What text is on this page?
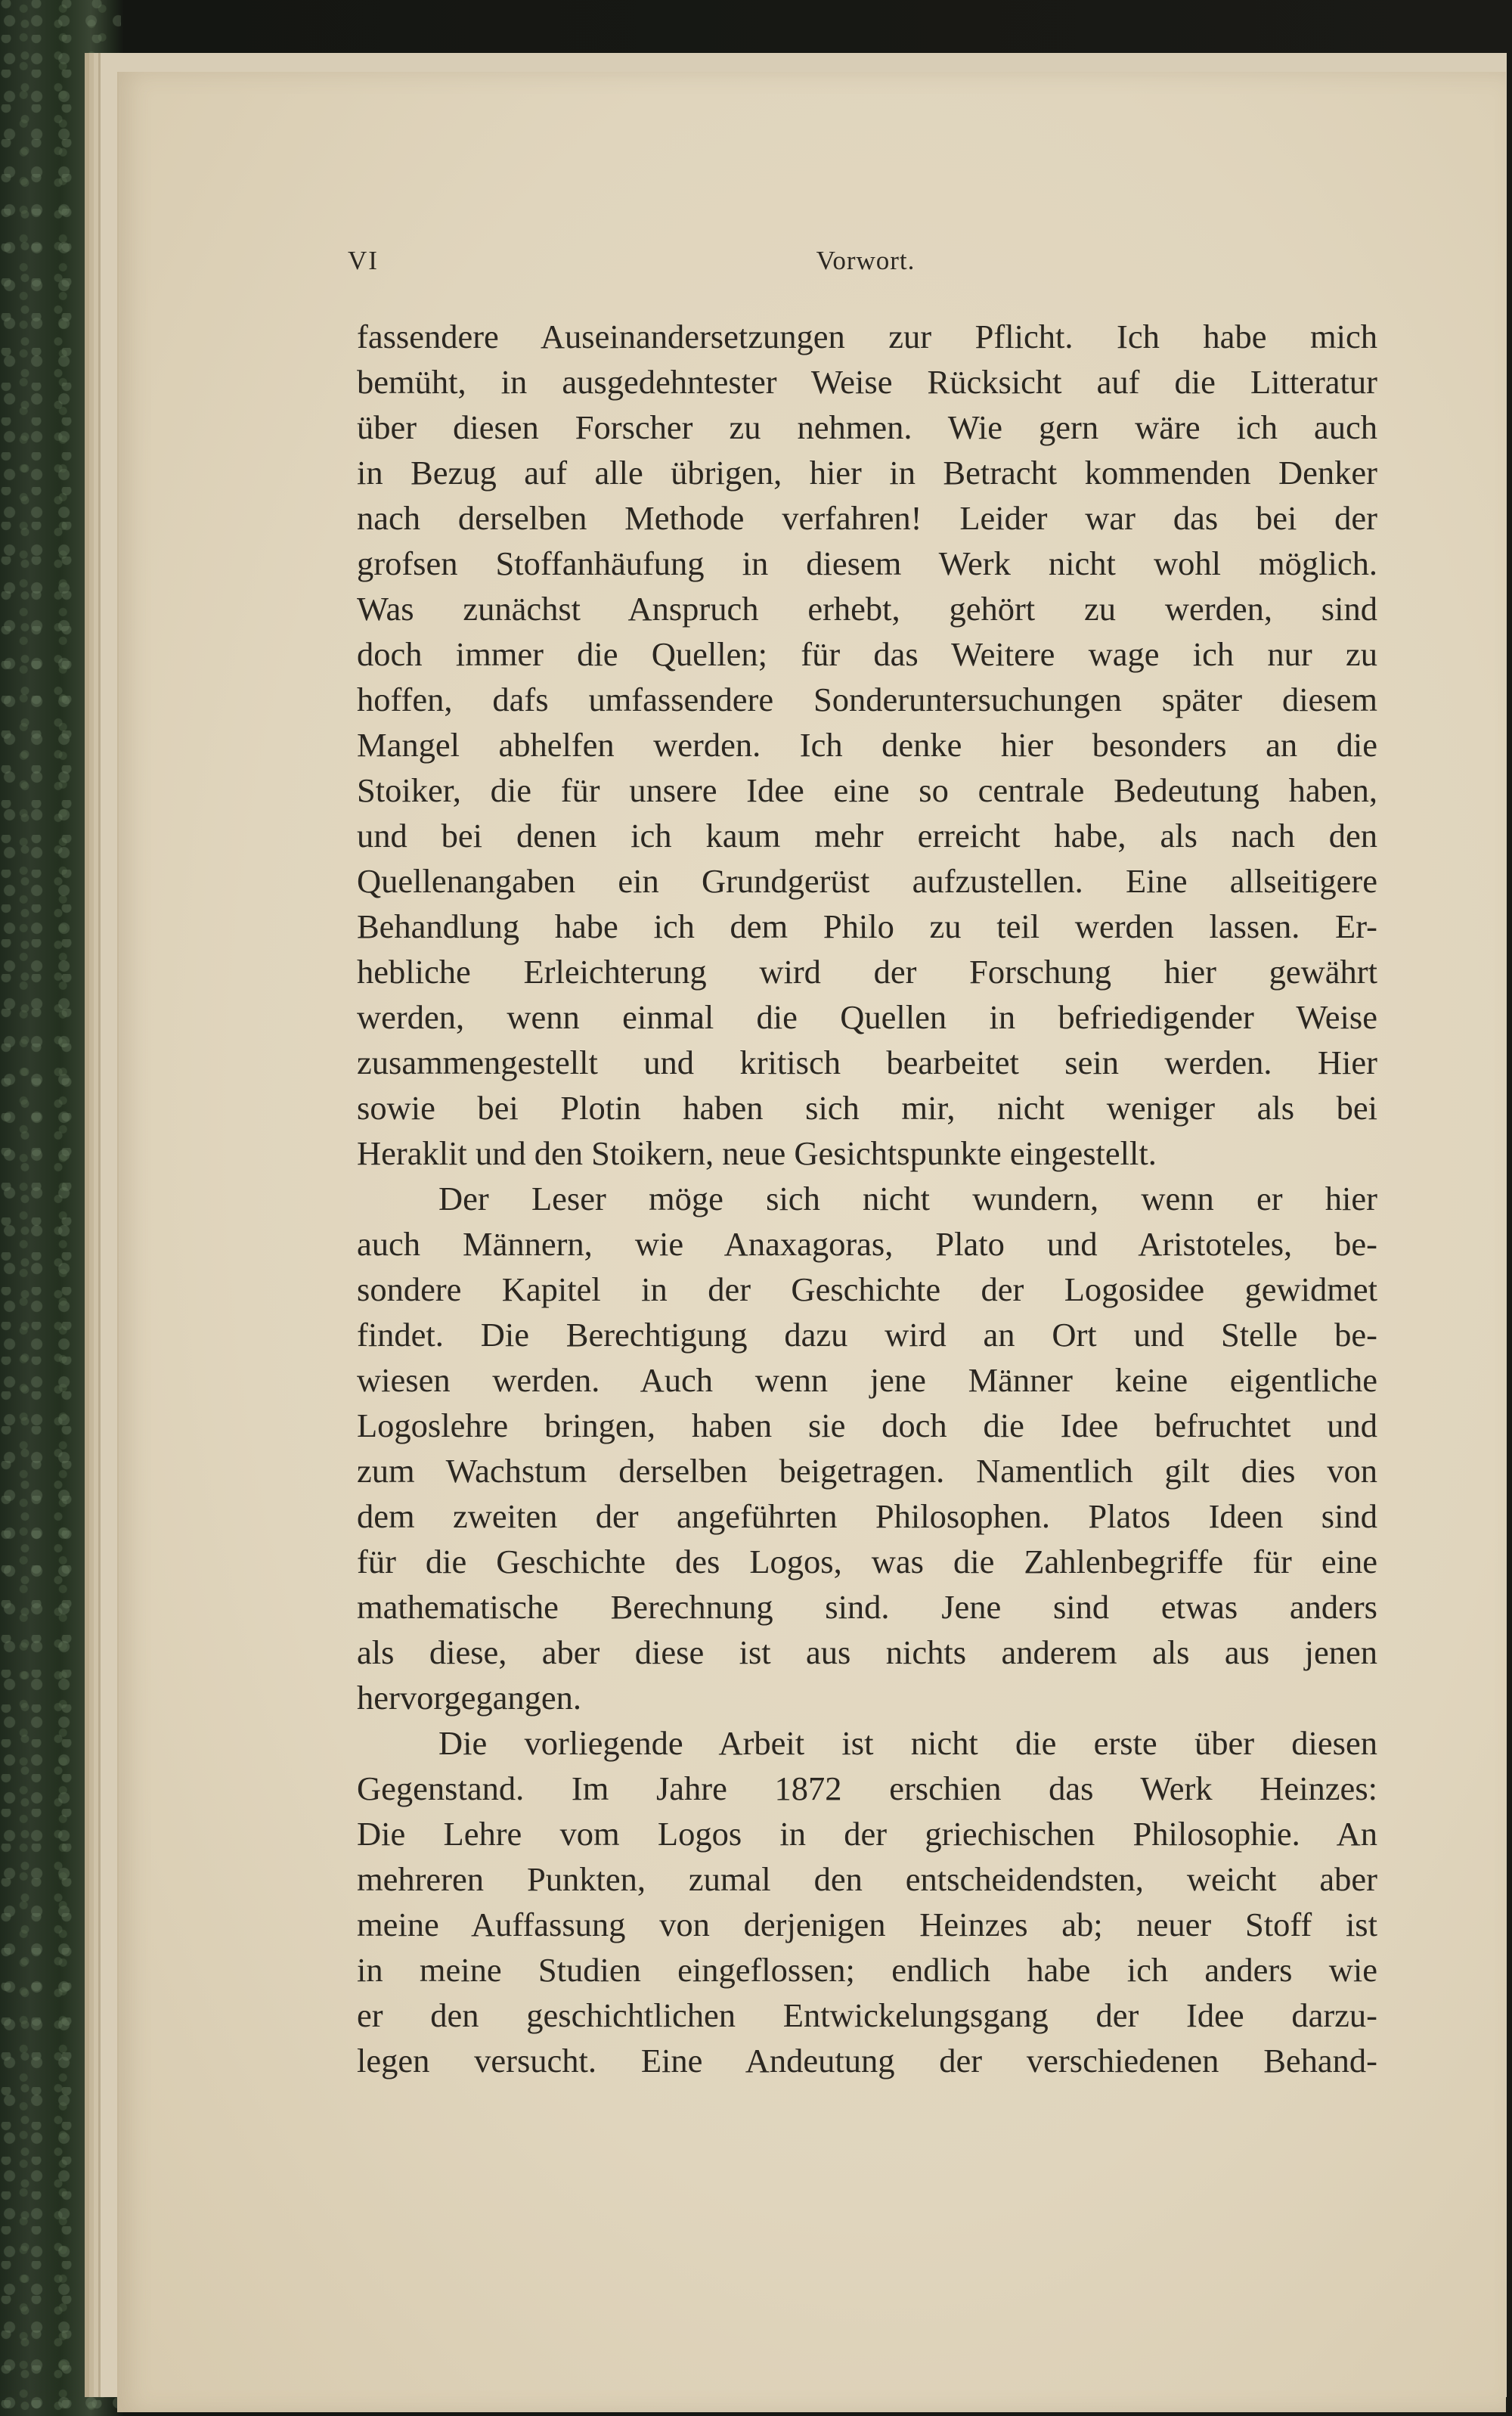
VI	Vorwort.
fassendere Auseinandersetzungen zur Pflicht. Ich habe mich
bemüht, in ausgedehntester Weise Rücksicht auf die Litteratur
über diesen Forscher zu nehmen. Wie gern wäre ich auch
in Bezug auf alle übrigen, hier in Betracht kommenden Denker
nach derselben Methode verfahren! Leider war das bei der
grofsen Stoffanhäufung in diesem Werk nicht wohl möglich.
Was zunächst Anspruch erhebt, gehört zu werden, sind
doch immer die Quellen; für das Weitere wage ich nur zu
hoffen, dafs umfassendere Sonderuntersuchungen später diesem
Mangel abhelfen werden. Ich denke hier besonders an die
Stoiker, die für unsere Idee eine so centrale Bedeutung haben,
und bei denen ich kaum mehr erreicht habe, als nach den
Quellenangaben ein Grundgerüst aufzustellen. Eine allseitigere
Behandlung habe ich dem Philo zu teil werden lassen. Er-
hebliche Erleichterung wird der Forschung hier gewährt
werden, wenn einmal die Quellen in befriedigender Weise
zusammengestellt und kritisch bearbeitet sein werden. Hier
sowie bei Plotin haben sich mir, nicht weniger als bei
Heraklit und den Stoikern, neue Gesichtspunkte eingestellt.
Der Leser möge sich nicht wundern, wenn er hier
auch Männern, wie Anaxagoras, Plato und Aristoteles, be-
sondere Kapitel in der Geschichte der Logosidee gewidmet
findet. Die Berechtigung dazu wird an Ort und Stelle be-
wiesen werden. Auch wenn jene Männer keine eigentliche
Logoslehre bringen, haben sie doch die Idee befruchtet und
zum Wachstum derselben beigetragen. Namentlich gilt dies von
dem zweiten der angeführten Philosophen. Platos Ideen sind
für die Geschichte des Logos, was die Zahlenbegriffe für eine
mathematische Berechnung sind. Jene sind etwas anders
als diese, aber diese ist aus nichts anderem als aus jenen
hervorgegangen.
Die vorliegende Arbeit ist nicht die erste über diesen
Gegenstand. Im Jahre 1872 erschien das Werk Heinzes:
Die Lehre vom Logos in der griechischen Philosophie. An
mehreren Punkten, zumal den entscheidendsten, weicht aber
meine Auffassung von derjenigen Heinzes ab; neuer Stoff ist
in meine Studien eingeflossen; endlich habe ich anders wie
er den geschichtlichen Entwickelungsgang der Idee darzu-
legen versucht. Eine Andeutung der verschiedenen Behand-
